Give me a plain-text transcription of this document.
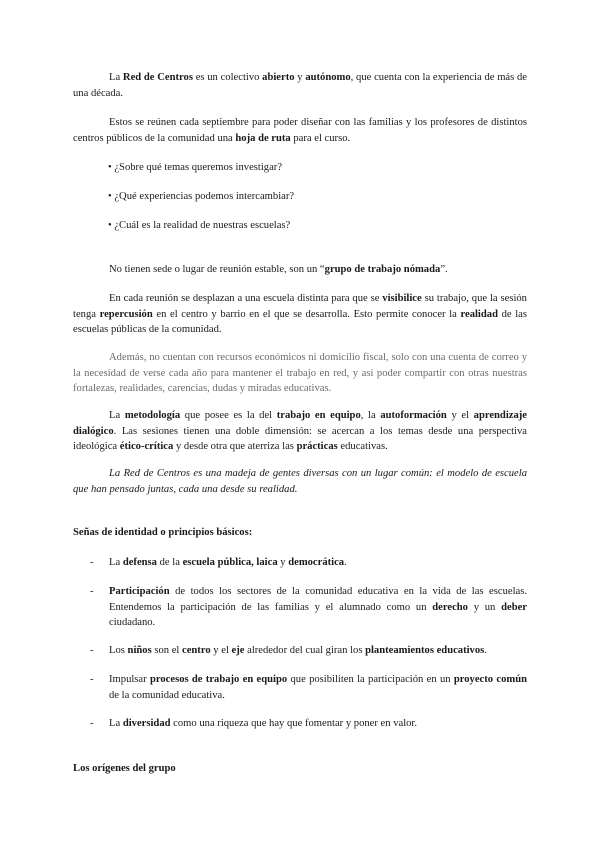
La Red de Centros es un colectivo abierto y autónomo, que cuenta con la experiencia de más de una década.

Estos se reúnen cada septiembre para poder diseñar con las familias y los profesores de distintos centros públicos de la comunidad una hoja de ruta para el curso.

• ¿Sobre qué temas queremos investigar?

• ¿Qué experiencias podemos intercambiar?

• ¿Cuál es la realidad de nuestras escuelas?

No tienen sede o lugar de reunión estable, son un “grupo de trabajo nómada”.

En cada reunión se desplazan a una escuela distinta para que se visibilice su trabajo, que la sesión tenga repercusión en el centro y barrio en el que se desarrolla. Esto permite conocer la realidad de las escuelas públicas de la comunidad.

Además, no cuentan con recursos económicos ni domicilio fiscal, solo con una cuenta de correo y la necesidad de verse cada año para mantener el trabajo en red, y así poder compartir con otras nuestras fortalezas, realidades, carencias, dudas y miradas educativas.

La metodología que posee es la del trabajo en equipo, la autoformación y el aprendizaje dialógico. Las sesiones tienen una doble dimensión: se acercan a los temas desde una perspectiva ideológica ético-crítica y desde otra que aterriza las prácticas educativas.

La Red de Centros es una madeja de gentes diversas con un lugar común: el modelo de escuela que han pensado juntas, cada una desde su realidad.

Señas de identidad o principios básicos:

- La defensa de la escuela pública, laica y democrática.
- Participación de todos los sectores de la comunidad educativa en la vida de las escuelas. Entendemos la participación de las familias y el alumnado como un derecho y un deber ciudadano.
- Los niños son el centro y el eje alrededor del cual giran los planteamientos educativos.
- Impulsar procesos de trabajo en equipo que posibiliten la participación en un proyecto común de la comunidad educativa.
- La diversidad como una riqueza que hay que fomentar y poner en valor.

Los orígenes del grupo
